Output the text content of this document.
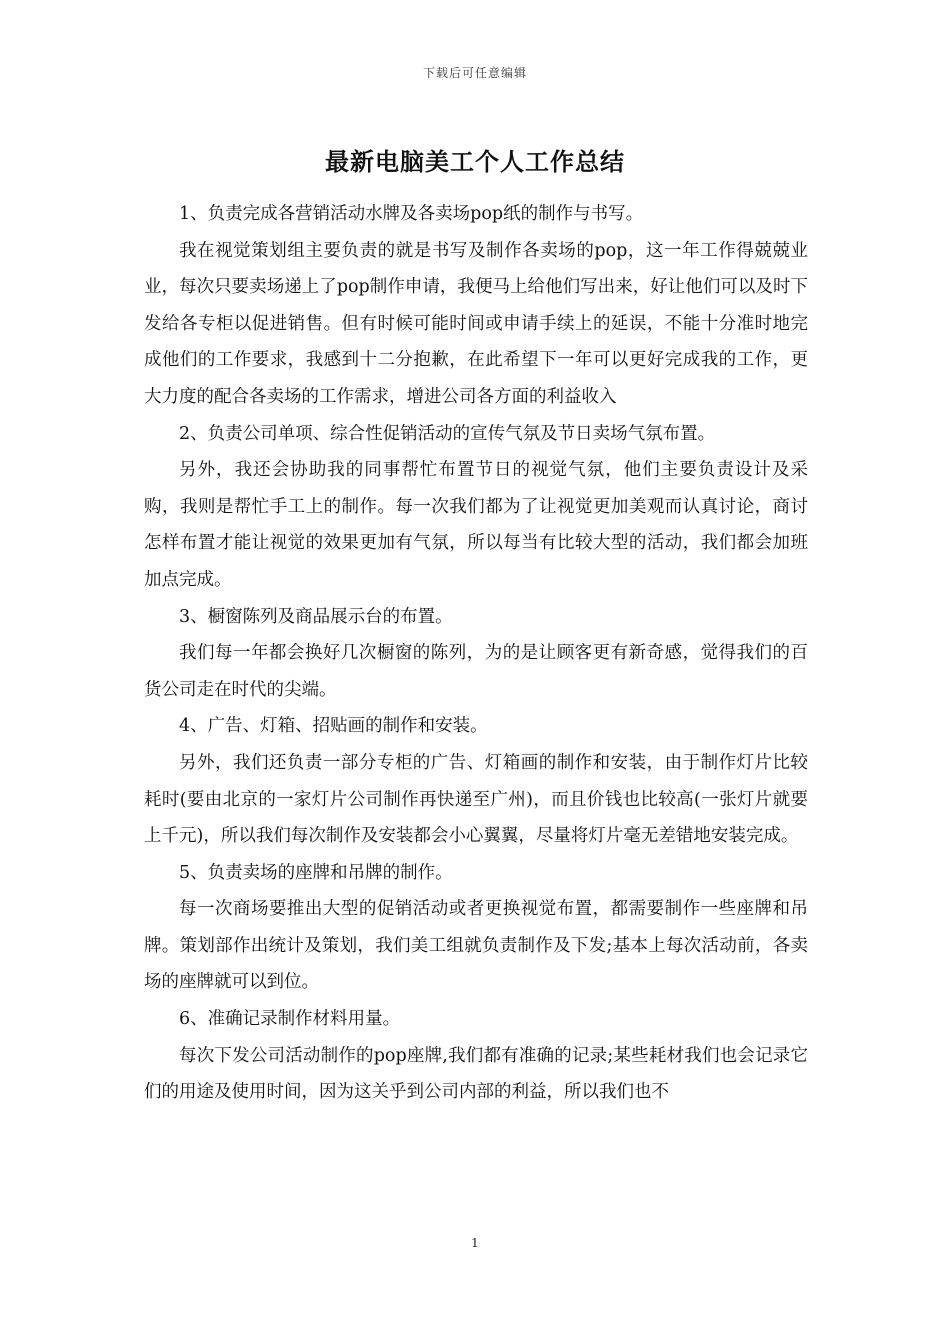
下载后可任意编辑
最新电脑美工个人工作总结

1、负责完成各营销活动水牌及各卖场pop纸的制作与书写。

我在视觉策划组主要负责的就是书写及制作各卖场的pop，这一年工作得兢兢业业，每次只要卖场递上了pop制作申请，我便马上给他们写出来，好让他们可以及时下发给各专柜以促进销售。但有时候可能时间或申请手续上的延误，不能十分准时地完成他们的工作要求，我感到十二分抱歉，在此希望下一年可以更好完成我的工作，更大力度的配合各卖场的工作需求，增进公司各方面的利益收入

2、负责公司单项、综合性促销活动的宣传气氛及节日卖场气氛布置。

另外，我还会协助我的同事帮忙布置节日的视觉气氛，他们主要负责设计及采购，我则是帮忙手工上的制作。每一次我们都为了让视觉更加美观而认真讨论，商讨怎样布置才能让视觉的效果更加有气氛，所以每当有比较大型的活动，我们都会加班加点完成。

3、橱窗陈列及商品展示台的布置。

我们每一年都会换好几次橱窗的陈列，为的是让顾客更有新奇感，觉得我们的百货公司走在时代的尖端。

4、广告、灯箱、招贴画的制作和安装。

另外，我们还负责一部分专柜的广告、灯箱画的制作和安装，由于制作灯片比较耗时(要由北京的一家灯片公司制作再快递至广州)，而且价钱也比较高(一张灯片就要上千元)，所以我们每次制作及安装都会小心翼翼，尽量将灯片毫无差错地安装完成。

5、负责卖场的座牌和吊牌的制作。

每一次商场要推出大型的促销活动或者更换视觉布置，都需要制作一些座牌和吊牌。策划部作出统计及策划，我们美工组就负责制作及下发;基本上每次活动前，各卖场的座牌就可以到位。

6、准确记录制作材料用量。

每次下发公司活动制作的pop座牌,我们都有准确的记录;某些耗材我们也会记录它们的用途及使用时间，因为这关乎到公司内部的利益，所以我们也不

1
